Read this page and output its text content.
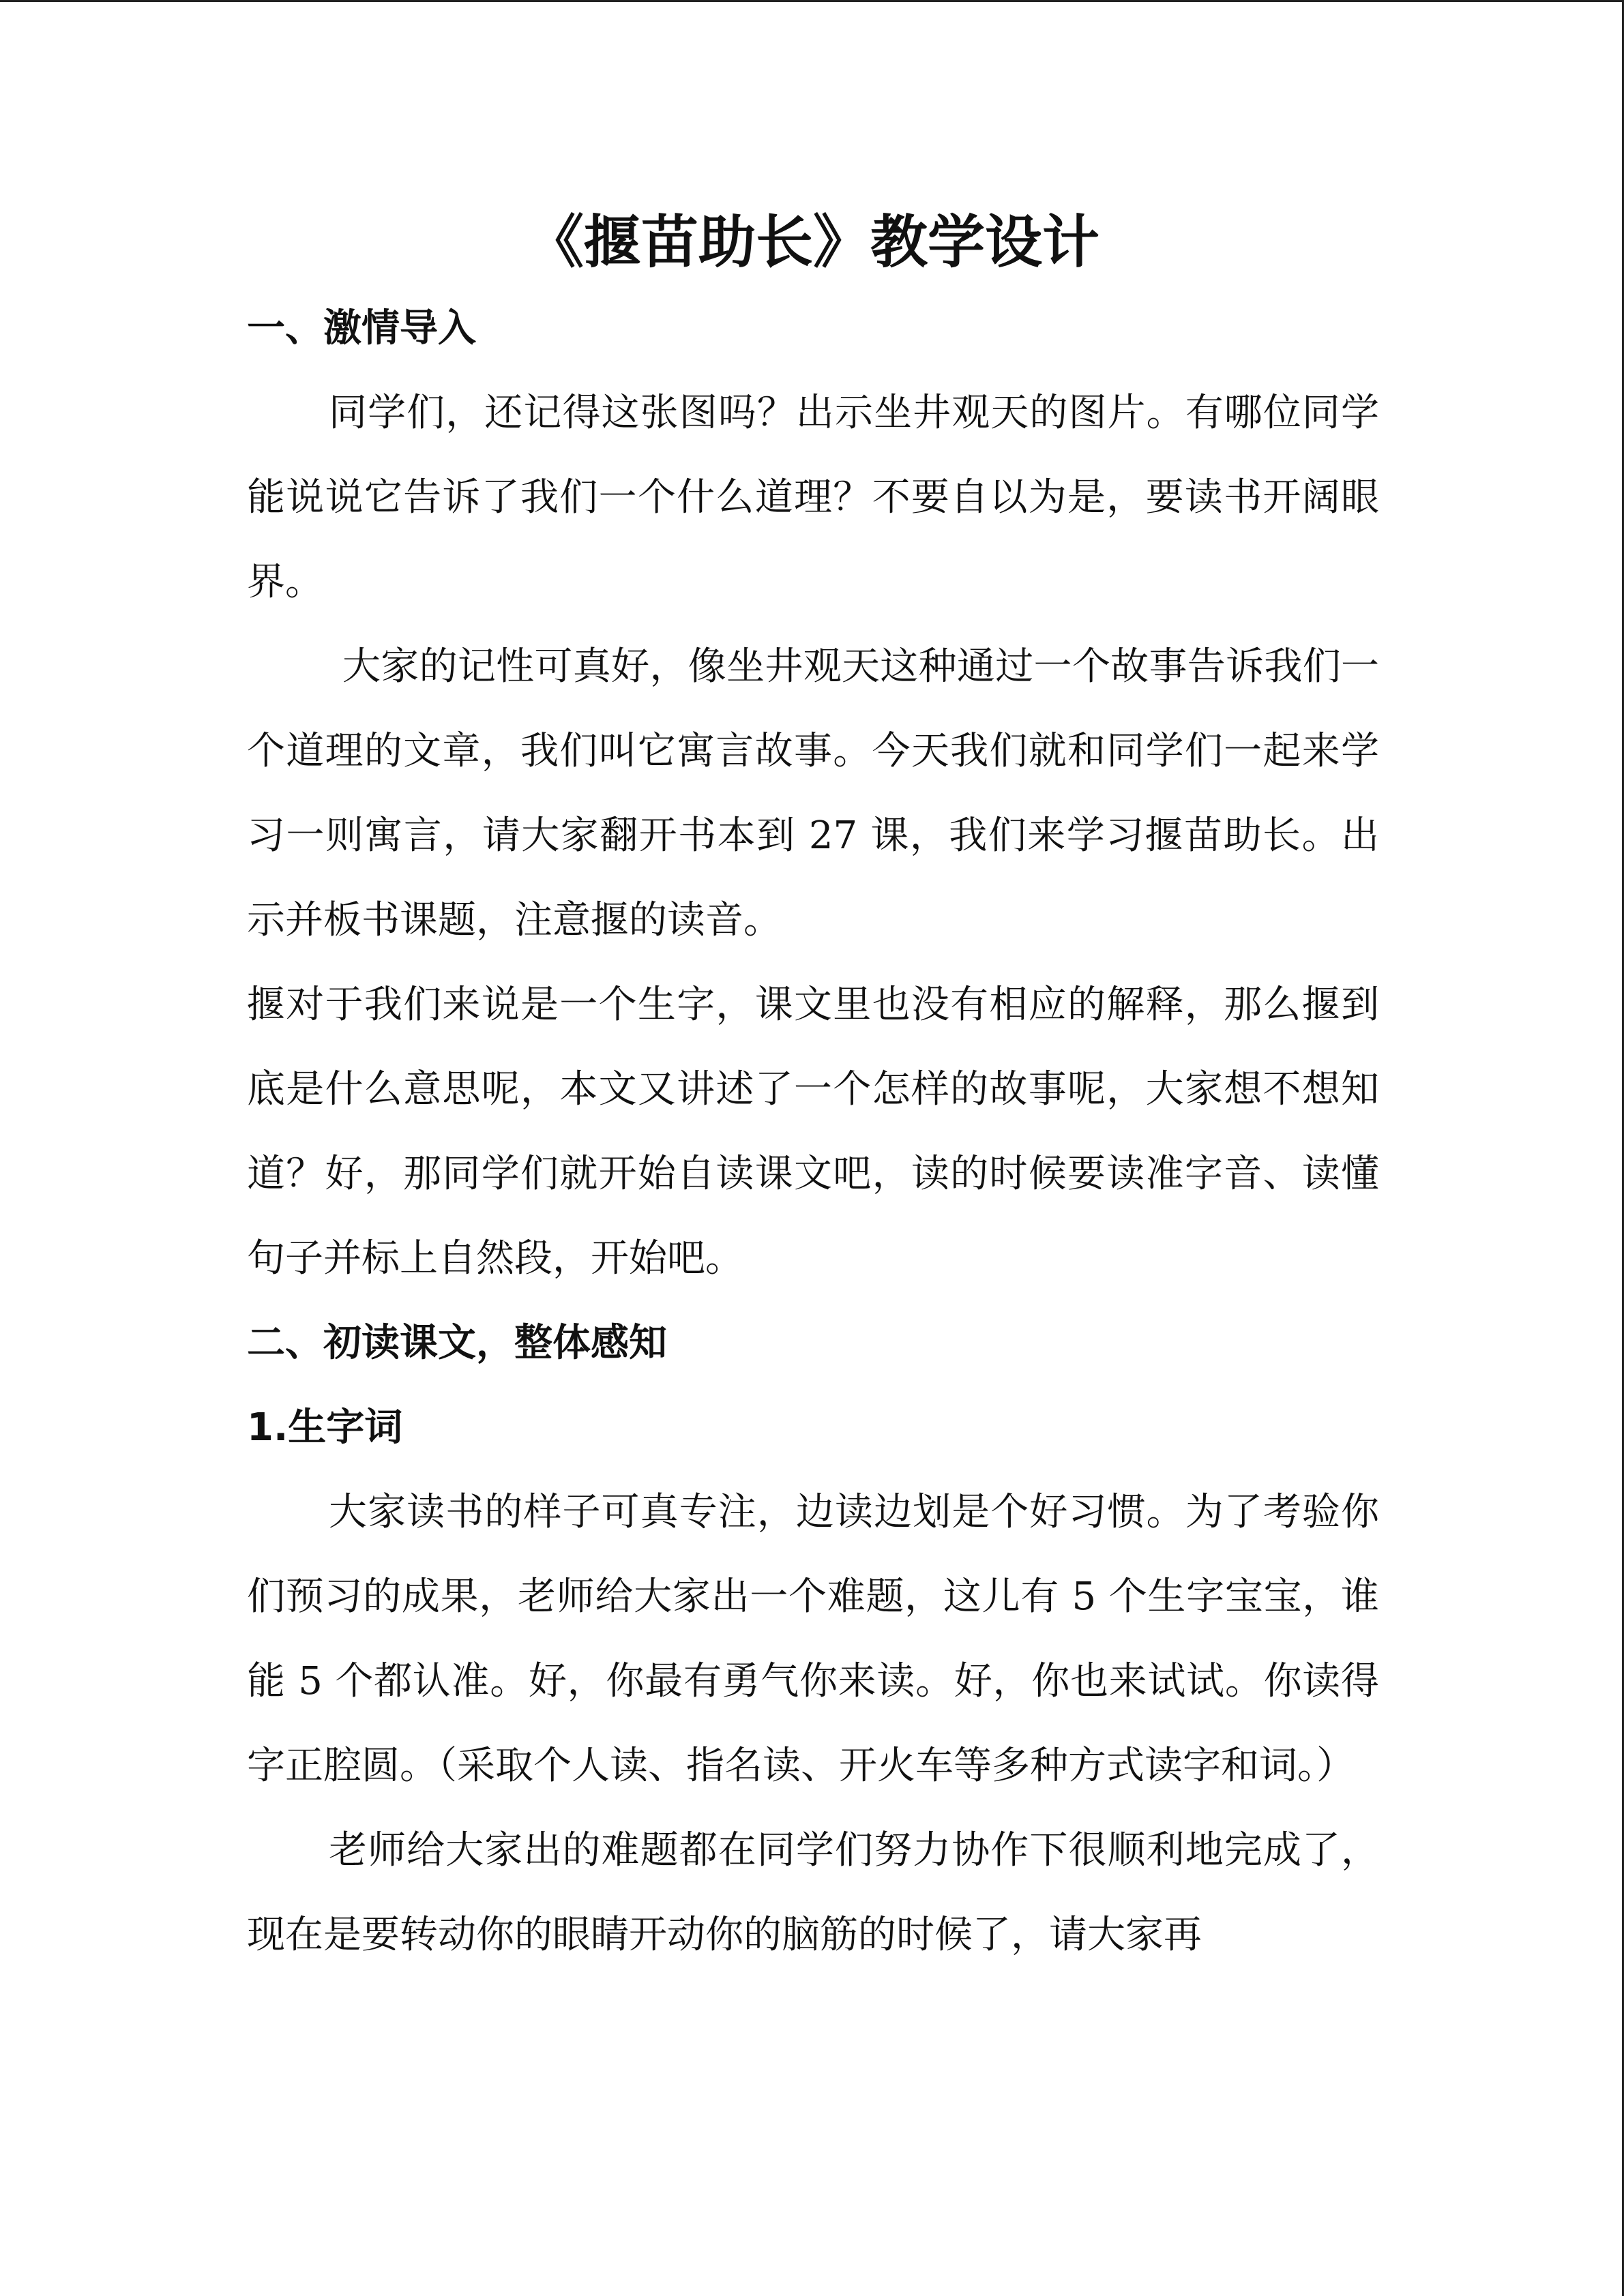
《揠苗助长》教学设计
一、激情导入

同学们，还记得这张图吗？出示坐井观天的图片。有哪位同学能说说它告诉了我们一个什么道理？不要自以为是，要读书开阔眼界。

大家的记性可真好，像坐井观天这种通过一个故事告诉我们一个道理的文章，我们叫它寓言故事。今天我们就和同学们一起来学习一则寓言，请大家翻开书本到 27 课，我们来学习揠苗助长。出示并板书课题，注意揠的读音。

揠对于我们来说是一个生字，课文里也没有相应的解释，那么揠到底是什么意思呢，本文又讲述了一个怎样的故事呢，大家想不想知道？好，那同学们就开始自读课文吧，读的时候要读准字音、读懂句子并标上自然段，开始吧。

二、初读课文，整体感知
1.生字词

大家读书的样子可真专注，边读边划是个好习惯。为了考验你们预习的成果，老师给大家出一个难题，这儿有 5 个生字宝宝，谁能 5 个都认准。好，你最有勇气你来读。好，你也来试试。你读得字正腔圆。（采取个人读、指名读、开火车等多种方式读字和词。）

老师给大家出的难题都在同学们努力协作下很顺利地完成了，现在是要转动你的眼睛开动你的脑筋的时候了，请大家再
